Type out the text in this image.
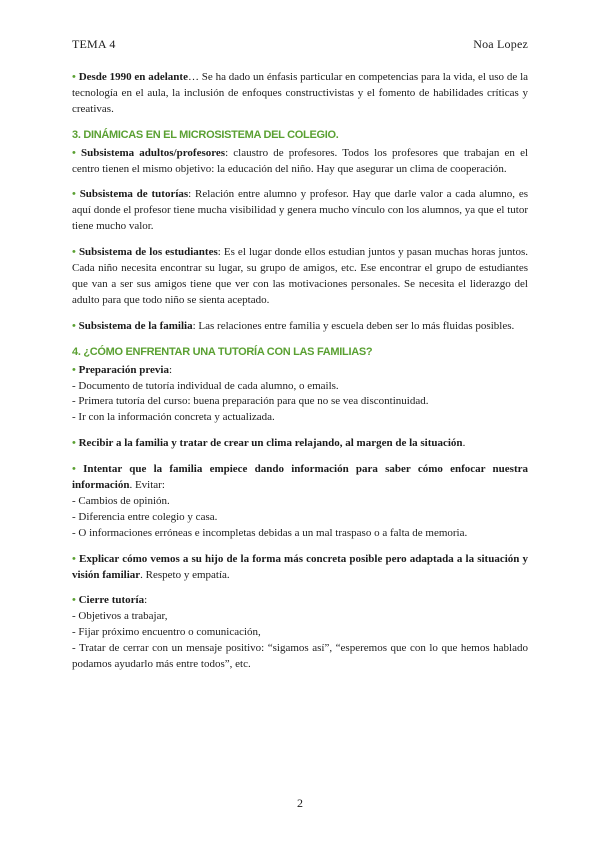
TEMA 4	Noa Lopez

• Desde 1990 en adelante… Se ha dado un énfasis particular en competencias para la vida, el uso de la tecnología en el aula, la inclusión de enfoques constructivistas y el fomento de habilidades críticas y creativas.

3. DINÁMICAS EN EL MICROSISTEMA DEL COLEGIO.

• Subsistema adultos/profesores: claustro de profesores. Todos los profesores que trabajan en el centro tienen el mismo objetivo: la educación del niño. Hay que asegurar un clima de cooperación.

• Subsistema de tutorías: Relación entre alumno y profesor. Hay que darle valor a cada alumno, es aquí donde el profesor tiene mucha visibilidad y genera mucho vínculo con los alumnos, ya que el tutor tiene mucho valor.

• Subsistema de los estudiantes: Es el lugar donde ellos estudian juntos y pasan muchas horas juntos. Cada niño necesita encontrar su lugar, su grupo de amigos, etc. Ese encontrar el grupo de estudiantes que van a ser sus amigos tiene que ver con las motivaciones personales. Se necesita el liderazgo del adulto para que todo niño se sienta aceptado.

• Subsistema de la familia: Las relaciones entre familia y escuela deben ser lo más fluidas posibles.

4. ¿CÓMO ENFRENTAR UNA TUTORÍA CON LAS FAMILIAS?

• Preparación previa:

- Documento de tutoría individual de cada alumno, o emails.

- Primera tutoría del curso: buena preparación para que no se vea discontinuidad.

- Ir con la información concreta y actualizada.

• Recibir a la familia y tratar de crear un clima relajando, al margen de la situación.

• Intentar que la familia empiece dando información para saber cómo enfocar nuestra información. Evitar:

- Cambios de opinión.

- Diferencia entre colegio y casa.

- O informaciones erróneas e incompletas debidas a un mal traspaso o a falta de memoria.

• Explicar cómo vemos a su hijo de la forma más concreta posible pero adaptada a la situación y visión familiar. Respeto y empatía.

• Cierre tutoría:

- Objetivos a trabajar,

- Fijar próximo encuentro o comunicación,

- Tratar de cerrar con un mensaje positivo: “sigamos así”, “esperemos que con lo que hemos hablado podamos ayudarlo más entre todos”, etc.

2
